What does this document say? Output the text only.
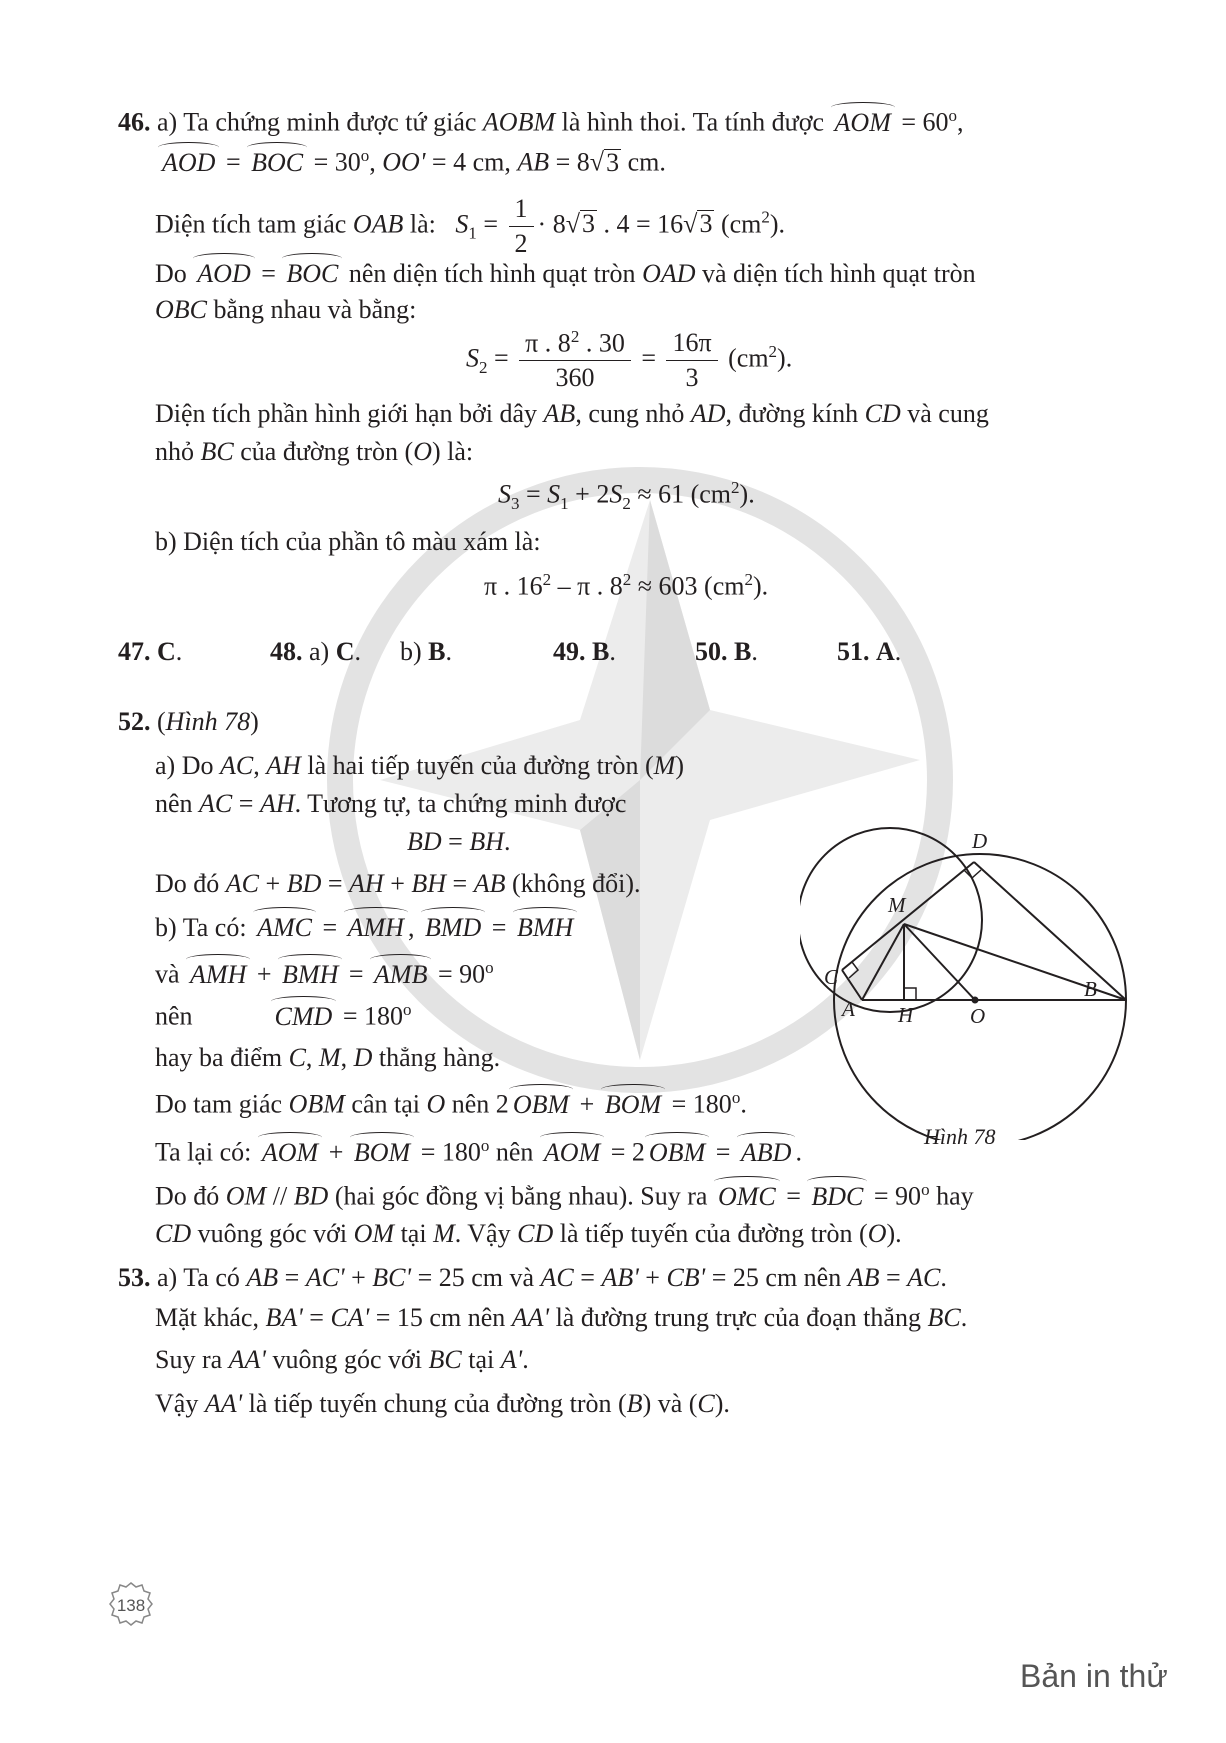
46. a) Ta chứng minh được tứ giác AOBM là hình thoi. Ta tính được AOM = $60^o$,
AOD = BOC = $30^o$, OO' = 4 cm, AB = 8√3 cm.
Diện tích tam giác OAB là:   $S_1 = \frac{1}{2} \cdot 8√3$ . 4 = 16√3 $(cm^2)$.
Do AOD = BOC nên diện tích hình quạt tròn OAD và diện tích hình quạt tròn
OBC bằng nhau và bằng:
$S_2 = \frac{\pi . 8^2 . 30}{360} = \frac{16\pi}{3} (cm^2)$.
Diện tích phần hình giới hạn bởi dây AB, cung nhỏ AD, đường kính CD và cung
nhỏ BC của đường tròn (O) là:
$S_3 = S_1 + 2S_2 \approx 61$ $(cm^2)$.
b) Diện tích của phần tô màu xám là:
π . $16^2$ – π . $8^2 \approx 603$ $(cm^2)$.
47. C.	48. a) C.      b) B.	49. B.	50. B.	51. A.
52. (Hình 78)
a) Do AC, AH là hai tiếp tuyến của đường tròn (M)
nên AC = AH. Tương tự, ta chứng minh được
BD = BH.
Do đó AC + BD = AH + BH = AB (không đổi).
b) Ta có: AMC = AMH , BMD = BMH
và AMH + BMH = AMB = $90^o$
nên            CMD = $180^o$
hay ba điểm C, M, D thẳng hàng.
Do tam giác OBM cân tại O nên 2 OBM + BOM = $180^o$.
Ta lại có: AOM + BOM = $180^o$ nên AOM = 2 OBM = ABD .
Do đó OM // BD (hai góc đồng vị bằng nhau). Suy ra OMC = BDC = $90^o$ hay
CD vuông góc với OM tại M. Vậy CD là tiếp tuyến của đường tròn (O).
D
M
C
A H	O
B
Hình 78
53. a) Ta có AB = AC' + BC' = 25 cm và AC = AB' + CB' = 25 cm nên AB = AC.
Mặt khác, BA' = CA' = 15 cm nên AA' là đường trung trực của đoạn thẳng BC.
Suy ra AA' vuông góc với BC tại A'.
Vậy AA' là tiếp tuyến chung của đường tròn (B) và (C).
138
Bản in thử
